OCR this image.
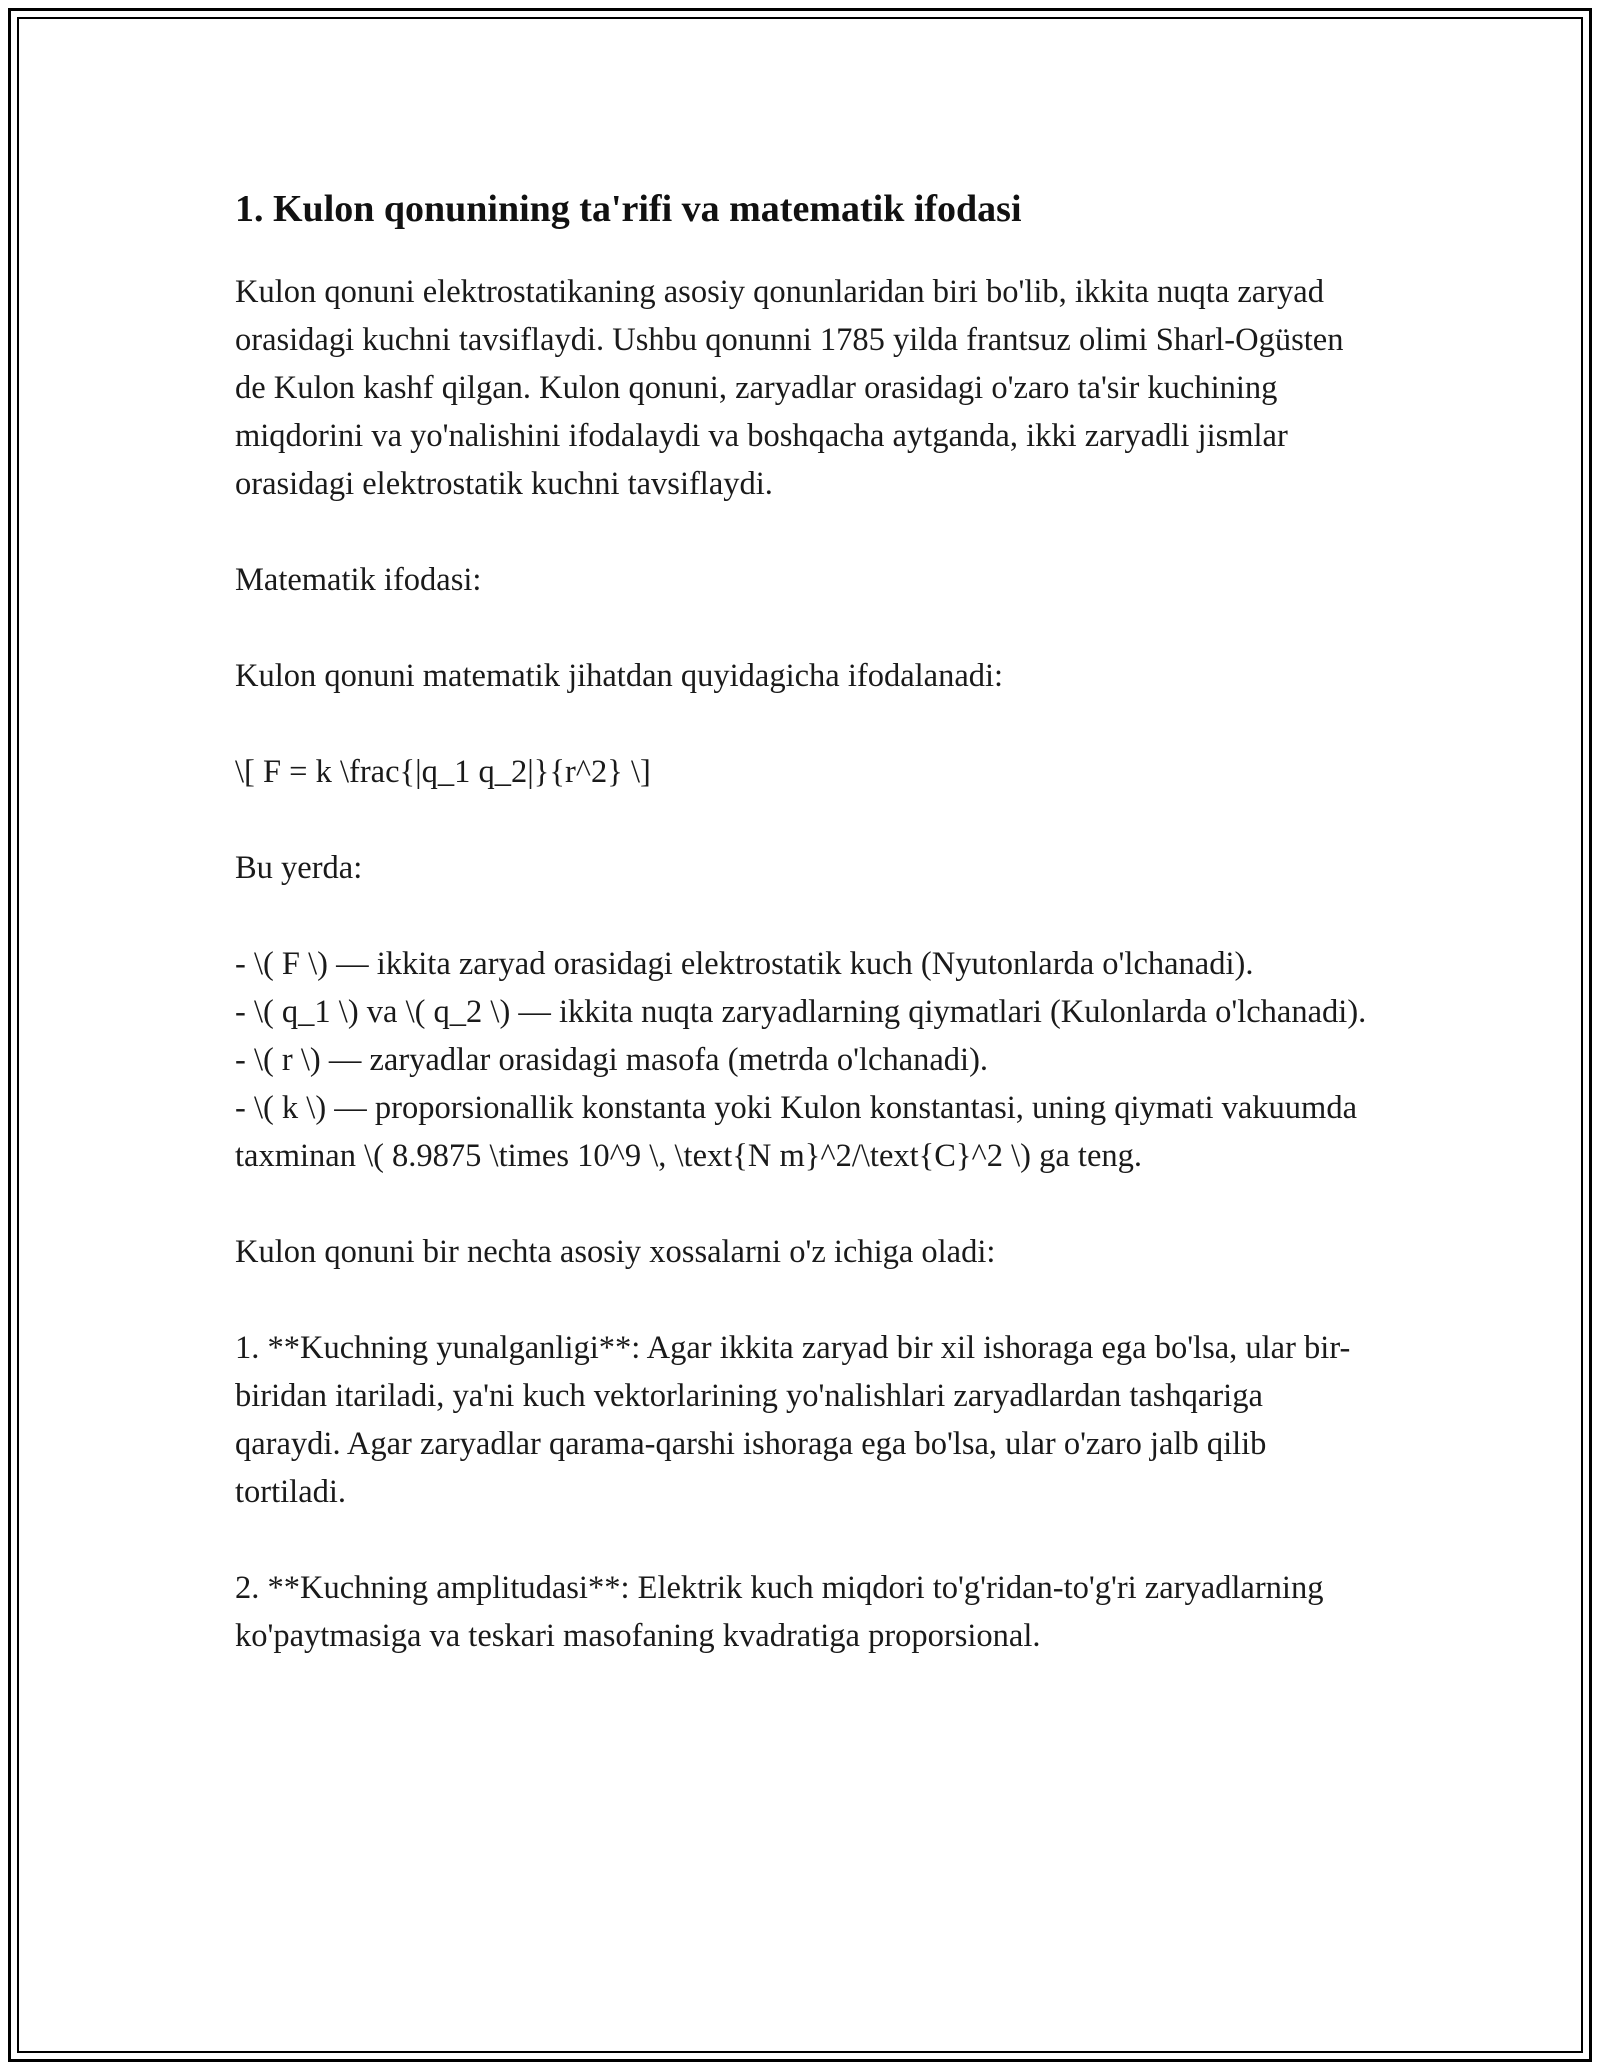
1. Kulon qonunining ta'rifi va matematik ifodasi

Kulon qonuni elektrostatikaning asosiy qonunlaridan biri bo'lib, ikkita nuqta zaryad orasidagi kuchni tavsiflaydi. Ushbu qonunni 1785 yilda frantsuz olimi Sharl-Ogüsten de Kulon kashf qilgan. Kulon qonuni, zaryadlar orasidagi o'zaro ta'sir kuchining miqdorini va yo'nalishini ifodalaydi va boshqacha aytganda, ikki zaryadli jismlar orasidagi elektrostatik kuchni tavsiflaydi.

Matematik ifodasi:

Kulon qonuni matematik jihatdan quyidagicha ifodalanadi:

\[ F = k \frac{|q_1 q_2|}{r^2} \]

Bu yerda:

- \( F \) — ikkita zaryad orasidagi elektrostatik kuch (Nyutonlarda o'lchanadi).

- \( q_1 \) va \( q_2 \) — ikkita nuqta zaryadlarning qiymatlari (Kulonlarda o'lchanadi).

- \( r \) — zaryadlar orasidagi masofa (metrda o'lchanadi).

- \( k \) — proporsionallik konstanta yoki Kulon konstantasi, uning qiymati vakuumda taxminan \( 8.9875 \times 10^9 \, \text{N m}^2/\text{C}^2 \) ga teng.

Kulon qonuni bir nechta asosiy xossalarni o'z ichiga oladi:

1. **Kuchning yunalganligi**: Agar ikkita zaryad bir xil ishoraga ega bo'lsa, ular bir-biridan itariladi, ya'ni kuch vektorlarining yo'nalishlari zaryadlardan tashqariga qaraydi. Agar zaryadlar qarama-qarshi ishoraga ega bo'lsa, ular o'zaro jalb qilib tortiladi.

2. **Kuchning amplitudasi**: Elektrik kuch miqdori to'g'ridan-to'g'ri zaryadlarning ko'paytmasiga va teskari masofaning kvadratiga proporsional.
